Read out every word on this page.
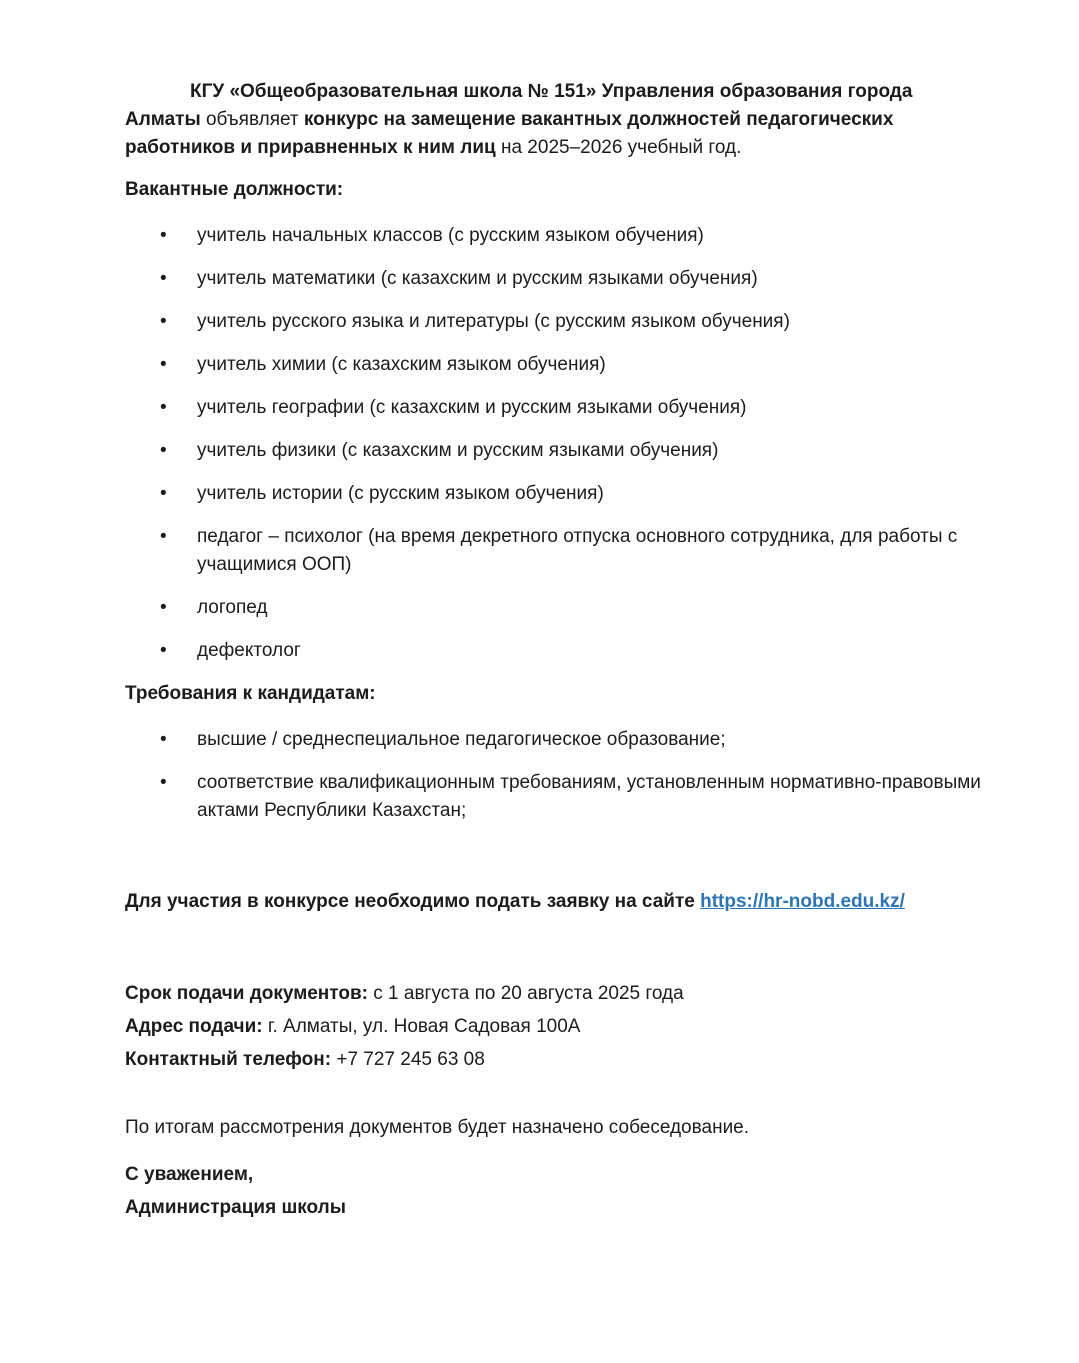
КГУ «Общеобразовательная школа № 151» Управления образования города Алматы объявляет конкурс на замещение вакантных должностей педагогических работников и приравненных к ним лиц на 2025–2026 учебный год.

Вакантные должности:

• учитель начальных классов (с русским языком обучения)
• учитель математики (с казахским и русским языками обучения)
• учитель русского языка и литературы (с русским языком обучения)
• учитель химии (с казахским языком обучения)
• учитель географии (с казахским и русским языками обучения)
• учитель физики (с казахским и русским языками обучения)
• учитель истории (с русским языком обучения)
• педагог – психолог (на время декретного отпуска основного сотрудника, для работы с учащимися ООП)
• логопед
• дефектолог

Требования к кандидатам:

• высшие / среднеспециальное педагогическое образование;
• соответствие квалификационным требованиям, установленным нормативно-правовыми актами Республики Казахстан;

Для участия в конкурсе необходимо подать заявку на сайте https://hr-nobd.edu.kz/

Срок подачи документов: с 1 августа по 20 августа 2025 года

Адрес подачи: г. Алматы, ул. Новая Садовая 100А

Контактный телефон: +7 727 245 63 08

По итогам рассмотрения документов будет назначено собеседование.

С уважением,

Администрация школы
